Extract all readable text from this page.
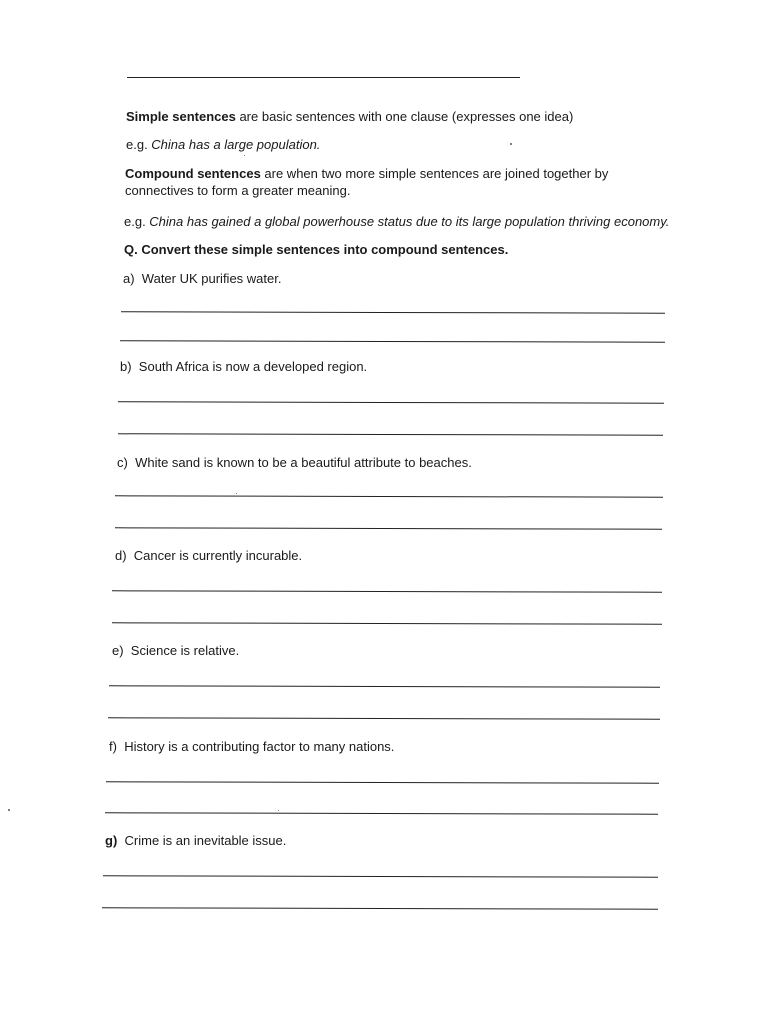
Simple sentences are basic sentences with one clause (expresses one idea)
e.g. China has a large population.
Compound sentences are when two more simple sentences are joined together by
connectives to form a greater meaning.
e.g. China has gained a global powerhouse status due to its large population thriving economy.
Q. Convert these simple sentences into compound sentences.
a) Water UK purifies water.
b) South Africa is now a developed region.
c) White sand is known to be a beautiful attribute to beaches.
d) Cancer is currently incurable.
e) Science is relative.
f) History is a contributing factor to many nations.
g) Crime is an inevitable issue.
